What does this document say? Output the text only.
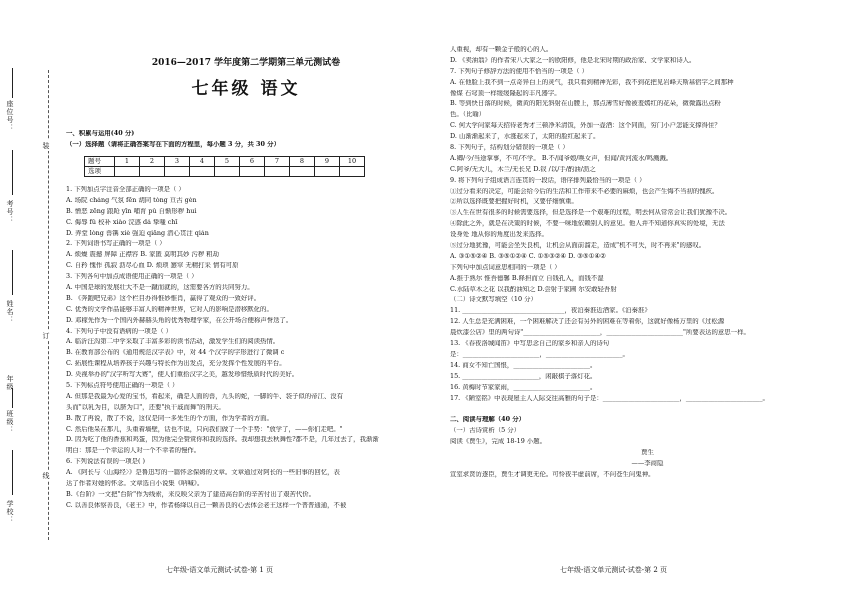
座位号：
考号：
姓名：
年级
班级：
学校：
装
订
线
2016—2017 学年度第二学期第三单元测试卷
七年级 语文
一、积累与运用(40 分)
（一）选择题（请将正确答案写在下面的方程里，每小题 3 分，共 30 分）
题号	1	2	3	4	5	6	7	8	9	10
选项										
1. 下列加点字注音全部正确的一项是（ ）
A. 场院 cháng 气氛 fēn 胡同 tòng 亘古 gèn
B. 憎恶 zēng 踉跄 yīn 哺育 pǔ 自惭形秽 huì
C. 侮辱 fǔ 校补 xiào 浣惑 dá 挚嗤 chī
D. 弄堂 lòng 兽镌 xiè 强迫 qiǎng 潜心贯注 qián
2. 下列词语书写正确的一项是（ ）
A. 烦燥 震撼 屏障 正襟容 B. 家匿 莫明其妙 污秽 粗劫
C. 自矜 愧作 孤寂 沥尽心血 D. 烦琐 窸窣 无精打采 情有可原
3. 下列各句中加点成语使用正确的一项是（ ）
A. 中国是球的发展壮大不是一蹴而就的，这需要各方的共同努力。
B. 《奔跑吧兄弟》这个栏目办得惟妙惟肖，赢得了观众的一致好评。
C. 优秀的文学作品能够丰富人的精神世界，它对人的影响是潜移默化的。
D. 邓稼先作为一个国内外赫赫头角的优秀物理学家，在公开场合便称声誉迭了。
4. 下列句子中没有语病的一项是（ ）
A. 临沂汪沟第二中学采取了丰富多彩的读书活动，激发学生们的阅读热情。
B. 在教育部公布的《通用规范汉字表》中，对 44 个汉字的字形进行了微调 c
C. 拓展性课程从培养孩子兴趣与特长作为出发点，充分发挥个性发展的平台。
D. 央视举办的"汉字听写大赛"，使人们重拾汉字之美，越发珍惜纸质时代的美好。
5. 下列标点符号使用正确的一项是（ ）
A. 但那是我最为心爱的宝书，看起来，确是人面的兽，九头的蛇，一脚的牛、袋子似的帝江、没有
头而"以乳为目，以脐为口"，还要"执干戚而舞"的刑天。
B. 散了再说，散了不说，这仅是同一多先生的个方面，作为学者的方面。
C. 然后他呆在那儿，头重着墙壁，话也不说，只向我们做了一个手势："放学了，——你们走吧。"
D. 因为吃了他的香蕉和鸡蛋，因为他完全赞赏你和我的选择。我却想我去秋舞性?都不是，几年过去了，我渐渐
明白：那是一个幸运的人对一个不幸者的慢作。
6. 下列说法有误的一项是( )
A. 《阿长与〈山海经〉》是鲁迅写的一篇怀念保姆的文章。文章通过对阿长的一些旧事的回忆，表
达了作者对她的怀念。文章选自小说集《呐喊》。
B.《台阶》一文把"台阶"作为线索，来反映父亲为了建造高台阶的辛苦付出了艰苦代价。
C. 以善良体察善良，《老王》中，作者杨绛以自己一颗善良的心去体会老王这样一个普普通通，不被
七年级-语文单元测试-试卷-第 1 页
人重视，却有一颗金子般的心的人。
D. 《卖油翁》的作者宋八大家之一的欧阳修，他是北宋时期的政治家、文学家和诗人。
7. 下列句子修辞方法的使用不恰当的一项是（ ）
A. 在他脸上我不到一点奇异白上的灵气，我只看到精神光彩，我不到花把见岩峰天斯基宿字之间那种
像煤 石穹顶一样缓缓隆起的丰凡器字。
B. 等到快日落的时候，微黄的阳光斜射在山腰上，那点薄雪好像被羞嫣红的花朵，微微露出点粉
色。（比喻）
C. 何大学问家每天招待老秀才三顿净米清饭，外加一壶酒：这个同面，穷门小户怎能支撑得住？
D. 山渐渐起来了，水涨起来了，太阳的脸红起来了。
8. 下列句子，结构划分错误的一项是（ ）
A.卿/今/当途掌事，不可/不学。 B.不/闻爷娘/唤女声，但闻/黄河流水/鸣溅溅。
C.阿爷/无大儿，木兰/无长兄 D.钗 /以/手/酌油/沥之
9. 将下列句子组成语言连贯的一段话，语序排列最恰当的一项是（ ）
①过分看来的决定，可能会给今后的生活和工作带来不必要的麻烦，也会产生悔不当初的愧疚。
②所以选择既要把握好时机，又要仔细慎重。
③人生在世有很多的时候需要选择，但是选择是一个艰难的过程，明去何从常常会让我们犹豫不决。
④除此之外，就是在决策的时候，不要一味地依赖别人的意见。他人并不知道你真实的处境，无法
设身处 地从你的角度出发来选择。
⑤过分地犹豫，可能会坐失良机，让机会从面前溜走，造成"机不可失，时不再来"的感叹。
A. ③①⑤②④ B. ③⑤①②④ C. ①⑤③②④ D. ③⑤①④②
下列句中加点词意思相同的一项是（ ）
A.推于熟尔 惟吾德馨 B.释担而立 自钱孔入，而钱不湿
C.水陆草木之花 以我酌油知之 D.尝射于家圃 尔安敢轻吾射
（二）诗文默写填空（10 分）
11. ________________________________，夜泊秦淮近酒家。《泊秦淮》
12. 人生总是充满困难，一个困难解决了还会有另外的困难在等着你，这就好像杨万里的《过松源
晨炊漆公店》里的两句诗"________________________，________________________"所要表达的意思一样。
13. 《春夜洛城闻笛》中写思念自己的家乡和亲人的诗句
是：________________________，________________________。
14. 商女不知亡国恨，________________________。
15. ________________________，闲敲棋子落灯花。
16. 黄梅时节家家雨，________________________。
17. 《陋室铭》中表现屋主人人际交往高雅的句子是：________________________，________________________。
二、阅读与理解（40 分）
（一）古诗赏析（5 分）
阅读《贾生》，完成 18-19 小题。
贾生
——李商隐
宣室求贤访逐臣，贾生才调更无伦。可怜夜半虚前席，不问苍生问鬼神。
七年级-语文单元测试-试卷-第 2 页
